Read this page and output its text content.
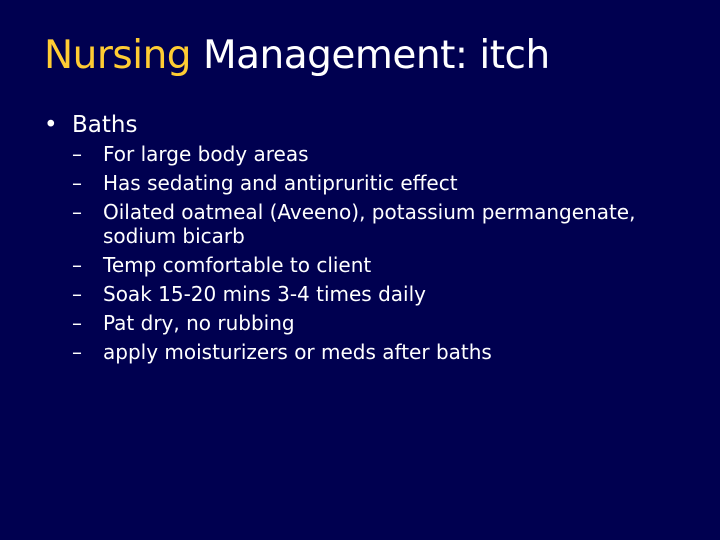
Nursing Management: itch
• Baths
– For large body areas
– Has sedating and antipruritic effect
– Oilated oatmeal (Aveeno), potassium permangenate, sodium bicarb
– Temp comfortable to client
– Soak 15-20 mins 3-4 times daily
– Pat dry, no rubbing
– apply moisturizers or meds after baths
